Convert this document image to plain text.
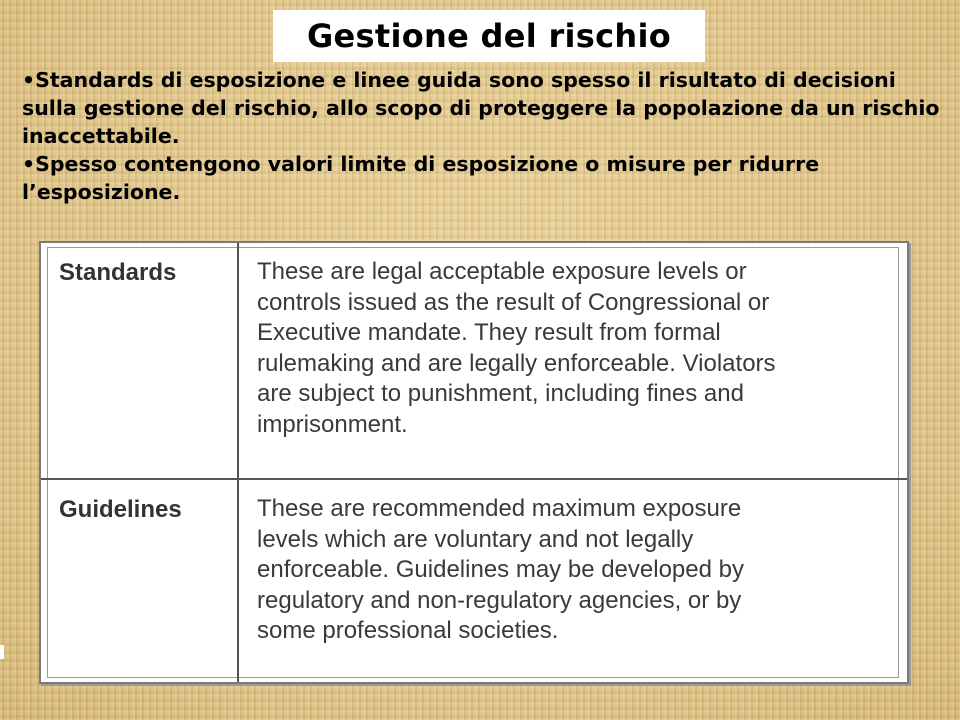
Gestione del rischio

•Standards di esposizione e linee guida sono spesso il risultato di decisioni sulla gestione del rischio, allo scopo di proteggere la popolazione da un rischio inaccettabile.

•Spesso contengono valori limite di esposizione o misure per ridurre l’esposizione.

Standards	These are legal acceptable exposure levels or
controls issued as the result of Congressional or
Executive mandate. They result from formal
rulemaking and are legally enforceable. Violators
are subject to punishment, including fines and
imprisonment.
Guidelines	These are recommended maximum exposure
levels which are voluntary and not legally
enforceable. Guidelines may be developed by
regulatory and non-regulatory agencies, or by
some professional societies.
